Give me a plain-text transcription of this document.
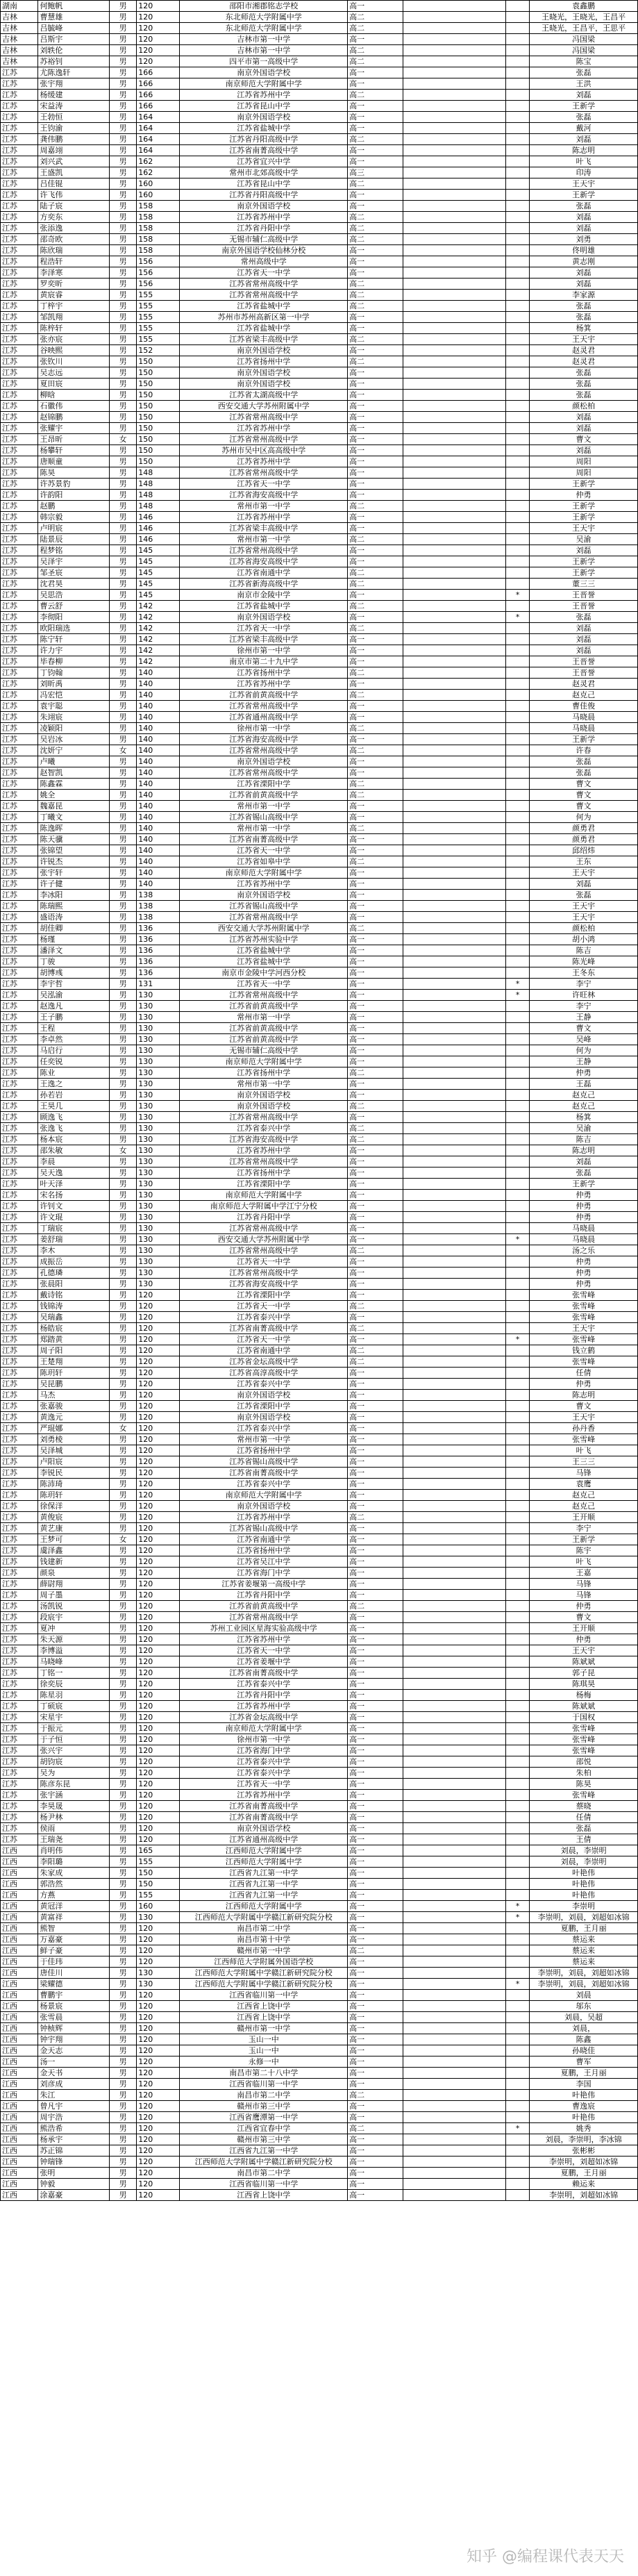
湖南	何鲍帆	男	120	邵阳市湘郡铭志学校	高一			袁鑫鹏
吉林	曹慧雄	男	120	东北师范大学附属中学	高二			王晓光，王晓光，王昌平
吉林	吕毓峰	男	120	东北师范大学附属中学	高二			王晓光，王昌平，王思平
吉林	吕斯宇	男	120	吉林市第一中学	高一			冯国梁
吉林	刘轶伦	男	120	吉林市第一中学	高二			冯国梁
吉林	苏裕钊	男	120	四平市第一高级中学	高二			陈宝
江苏	尤陈逸轩	男	166	南京外国语学校	高一			张磊
江苏	张宇翔	男	166	南京师范大学附属中学	高一			王洪
江苏	杨缓建	男	166	江苏省苏州中学	高二			刘磊
江苏	宋益涛	男	166	江苏省昆山中学	高一			王新学
江苏	王勃恒	男	164	南京外国语学校	高一			张磊
江苏	王钧渝	男	164	江苏省盐城中学	高一			戴河
江苏	龚伟鹏	男	164	江苏省丹阳高级中学	高二			刘磊
江苏	周嘉翊	男	164	江苏省南菁高级中学	高一			陈志明
江苏	刘兴武	男	162	江苏省宜兴中学	高一			叶飞
江苏	王盛凯	男	162	常州市北郊高级中学	高三			印涛
江苏	吕佳锟	男	160	江苏省昆山中学	高二			王天宇
江苏	许飞伟	男	160	江苏省丹阳高级中学	高一			王新学
江苏	陆子宸	男	158	南京外国语学校	高一			张磊
江苏	方奕东	男	158	江苏省苏州中学	高二			刘磊
江苏	张添逸	男	158	江苏省丹阳中学	高二			刘磊
江苏	邵奇欧	男	158	无锡市辅仁高级中学	高二			刘勇
江苏	陈欣瑞	男	158	南京外国语学校仙林分校	高一			佟明雄
江苏	程浩轩	男	156	常州高级中学	高一			黄志刚
江苏	李泽寒	男	156	江苏省天一中学	高一			刘磊
江苏	罗奕昕	男	156	江苏省常州高级中学	高二			刘磊
江苏	黄宸睿	男	155	江苏省常州高级中学	高二			李家源
江苏	丁梓宇	男	155	江苏省盐城中学	高二			张磊
江苏	邹凯翔	男	155	苏州市苏州高新区第一中学	高一			张磊
江苏	陈梓轩	男	155	江苏省盐城中学	高一			杨箕
江苏	张亦宸	男	155	江苏省梁丰高级中学	高二			王天宇
江苏	谷映熙	男	152	南京外国语学校	高一			赵灵君
江苏	张钦川	男	150	江苏省扬州中学	高二			赵灵君
江苏	吴志远	男	150	南京外国语学校	高一			张磊
江苏	夏田宸	男	150	南京外国语学校	高一			张磊
江苏	柳晗	男	150	江苏省太湖高级中学	高一			张磊
江苏	石徽伟	男	150	西安交通大学苏州附属中学	高一			颜松柏
江苏	赵锦鹏	男	150	江苏省常州高级中学	高一			刘磊
江苏	张耀宇	男	150	江苏省苏州中学	高一			刘磊
江苏	王昂昕	女	150	江苏省常州高级中学	高一			曹文
江苏	杨攀轩	男	150	苏州市吴中区高高级中学	高一			刘磊
江苏	唐顺童	男	150	江苏省苏州中学	高一			周阳
江苏	陈昊	男	148	江苏省常州高级中学	高一			周阳
江苏	许苏景豹	男	148	江苏省天一中学	高一			王新学
江苏	许韵阳	男	148	江苏省海安高级中学	高一			仲勇
江苏	赵鹏	男	148	常州市第一中学	高二			王新学
江苏	韩宗毅	男	146	江苏省苏州中学	高一			王新学
江苏	卢明宸	男	146	江苏省梁丰高级中学	高一			王天宇
江苏	陆景辰	男	146	常州市第一中学	高二			吴渝
江苏	程梦铭	男	145	江苏省常州高级中学	高一			刘磊
江苏	吴泽宇	男	145	江苏省海安高级中学	高一			王新学
江苏	邹圣宸	男	145	江苏省南通中学	高二			王新学
江苏	沈君昊	男	145	江苏省新海高级中学	高二			董三三
江苏	吴思浩	男	145	南京市金陵中学	高一		*	王晋誉
江苏	曹云舒	男	142	江苏省盐城中学	高二			王晋誉
江苏	李彻阳	男	142	南京外国语学校	高一		*	张磊
江苏	欧阳瑞选	男	142	江苏省天一中学	高二			刘磊
江苏	陈宁轩	男	142	江苏省梁丰高级中学	高一			刘磊
江苏	许力宇	男	142	徐州市第一中学	高一			刘磊
江苏	毕春柳	男	142	南京市第二十九中学	高一			王晋誉
江苏	丁钧翰	男	140	江苏省扬州中学	高二			王晋誉
江苏	刘昕禹	男	140	江苏省苏州中学	高一			赵灵君
江苏	冯宏恺	男	140	江苏省前黄高级中学	高二			赵克己
江苏	袁宇聪	男	140	江苏省常州高级中学	高一			曹佳俊
江苏	朱翊宸	男	140	江苏省通州高级中学	高一			马晓晨
江苏	凌颖阳	男	140	徐州市第一中学	高二			马晓晨
江苏	吴岩冰	男	140	江苏省海安高级中学	高一			王新学
江苏	沈妍宁	女	140	江苏省常州高级中学	高二			许春
江苏	卢曦	男	140	南京外国语学校	高一			张磊
江苏	赵智凯	男	140	江苏省常州高级中学	高一			张磊
江苏	陈鑫霖	男	140	江苏省溧阳中学	高二			曹文
江苏	姚全	男	140	江苏省前黄高级中学	高二			曹文
江苏	魏嘉昆	男	140	常州市第一中学	高一			曹文
江苏	丁曦文	男	140	江苏省锡山高级中学	高一			何为
江苏	陈逸晖	男	140	常州市第一中学	高二			颜勇君
江苏	陈天骥	男	140	江苏省南菁高级中学	高一			颜勇君
江苏	张锦望	男	140	江苏省天一中学	高一			邱绍炜
江苏	许锐杰	男	140	江苏省如皋中学	高二			王东
江苏	张宇轩	男	140	南京师范大学附属中学	高一			王天宇
江苏	许子健	男	140	江苏省苏州中学	高一			刘磊
江苏	李冰阳	男	138	南京外国语学校	高一			张磊
江苏	陈瑞熙	男	138	江苏省锡山高级中学	高一			王天宇
江苏	盛语涛	男	138	江苏省常州高级中学	高一			王天宇
江苏	胡佳卿	男	136	西安交通大学苏州附属中学	高二			颜松柏
江苏	杨瑾	男	136	江苏省苏州实验中学	高一			胡小鸿
江苏	潘泽文	男	136	江苏省盐城中学	高一			陈吉
江苏	丁骏	男	136	江苏省盐城中学	高一			陈光峰
江苏	胡博彧	男	136	南京市金陵中学河西分校	高一			王冬东
江苏	李宇哲	男	131	江苏省天一中学	高一		*	李宁
江苏	吴泓渝	男	130	江苏省常州高级中学	高一		*	许旺林
江苏	赵逸凡	男	130	江苏省前黄高级中学	高一			李宁
江苏	王子鹏	男	130	常州市第一中学	高一			王静
江苏	王程	男	130	江苏省前黄高级中学	高一			曹文
江苏	李卓然	男	130	江苏省前黄高级中学	高一			吴峰
江苏	马启行	男	130	无锡市辅仁高级中学	高一			何为
江苏	任奕锐	男	130	南京师范大学附属中学	高一			王静
江苏	陈业	男	130	江苏省扬州中学	高二			仲勇
江苏	王逸之	男	130	常州市第一中学	高一			王磊
江苏	孙若岩	男	130	南京外国语学校	高一			赵克己
江苏	王昊几	男	130	南京外国语学校	高二			赵克己
江苏	顾逸飞	男	130	江苏省常州高级中学	高一			杨箕
江苏	张逸飞	男	130	江苏省泰兴中学	高二			吴渝
江苏	杨本宸	男	130	江苏省海安高级中学	高二			陈吉
江苏	邵朱敏	女	130	江苏省苏州中学	高一			陈志明
江苏	李晨	男	130	江苏省常州高级中学	高一			刘磊
江苏	吴天逸	男	130	江苏省扬州中学	高一			张磊
江苏	叶天泽	男	130	江苏省溧阳中学	高一			王新学
江苏	宋名扬	男	130	南京师范大学附属中学	高一			仲勇
江苏	许钊文	男	130	南京师范大学附属中学江宁分校	高一			仲勇
江苏	许文琨	男	130	江苏省丹阳中学	高一			仲勇
江苏	丁瑞宸	男	130	江苏省常州高级中学	高一			马晓晨
江苏	姜舒瑞	男	130	西安交通大学苏州附属中学	高一		*	马晓晨
江苏	李木	男	130	江苏省常州高级中学	高二			汤之乐
江苏	成振岳	男	130	江苏省天一中学	高一			仲勇
江苏	孔德璘	男	130	江苏省常州高级中学	高一			仲勇
江苏	张晨阳	男	130	江苏省海安高级中学	高一			仲勇
江苏	戴诗铭	男	120	江苏省溧阳中学	高一			张雪峰
江苏	钱锦涛	男	120	江苏省天一中学	高二			张雪峰
江苏	吴瑞鑫	男	120	江苏省泰兴中学	高一			张雪峰
江苏	杨皓宸	男	120	江苏省南菁高级中学	高二			王天宇
江苏	郑踏黄	男	120	江苏省天一中学	高一		*	张雪峰
江苏	周子阳	男	120	江苏省南通中学	高二			钱立鹤
江苏	王楚翔	男	120	江苏省金坛高级中学	高二			张雪峰
江苏	陈玥轩	男	120	江苏省高淳高级中学	高一			任倩
江苏	吴昆鹏	男	120	江苏省泰兴中学	高一			仲勇
江苏	马杰	男	120	南京外国语学校	高一			陈志明
江苏	张嘉骏	男	120	江苏省溧阳中学	高一			曹文
江苏	黄逸元	男	120	南京外国语学校	高一			王天宇
江苏	严琨娜	女	120	江苏省泰兴中学	高一			孙丹香
江苏	刘勇棱	男	120	常州市第一中学	高一			张雪峰
江苏	吴泽城	男	120	江苏省扬州中学	高一			叶飞
江苏	卢阳宸	男	120	江苏省锡山高级中学	高一			王三三
江苏	李锐民	男	120	江苏省南菁高级中学	高一			马锋
江苏	陈沛琦	男	120	江苏省泰兴中学	高一			袁鹰
江苏	陈玥轩	男	120	南京师范大学附属中学	高一			赵克己
江苏	徐保洋	男	120	南京外国语学校	高一			赵克己
江苏	黄俊宸	男	120	江苏省苏州中学	高二			王开顺
江苏	黄艺康	男	120	江苏省锡山高级中学	高一			李宁
江苏	王梦可	女	120	江苏省南通中学	高一			王新学
江苏	虞泽鑫	男	120	江苏省扬州中学	高一			陈宇
江苏	钱建新	男	120	江苏省吴江中学	高一			叶飞
江苏	颜泉	男	120	江苏省海门中学	高一			王嘉
江苏	薛尉翔	男	120	江苏省姜堰第一高级中学	高一			马锋
江苏	周子墨	男	120	江苏省丹阳中学	高一			马锋
江苏	汤凯锐	男	120	江苏省前黄高级中学	高二			仲勇
江苏	段宸宇	男	120	江苏省常州高级中学	高一			曹文
江苏	夏冲	男	120	苏州工业园区星海实验高级中学	高一			王开顺
江苏	朱天源	男	120	江苏省苏州中学	高一			仲勇
江苏	李博溢	男	120	江苏省天一中学	高一			王天宇
江苏	马晓峰	男	120	江苏省姜堰中学	高一			陈斌斌
江苏	丁铭一	男	120	江苏省南菁高级中学	高一			郭子昆
江苏	徐奕辰	男	120	江苏省泰兴中学	高一			陈琪昊
江苏	陈星羽	男	120	江苏省丹阳中学	高一			杨梅
江苏	丁硕宸	男	120	江苏省苏州中学	高一			陈斌斌
江苏	宋星宇	男	120	江苏省金坛高级中学	高一			于国权
江苏	于振元	男	120	南京师范大学附属中学	高一			张雪峰
江苏	于子恒	男	120	徐州市第一中学	高一			张雪峰
江苏	张兴宇	男	120	江苏省海门中学	高一			张雪峰
江苏	胡钧宸	男	120	江苏省泰兴中学	高一			邵悦
江苏	吴为	男	120	江苏省泰兴中学	高一			朱柏
江苏	陈彦东昆	男	120	江苏省天一中学	高一			陈昊
江苏	张宇涵	男	120	江苏省苏州中学	高一			张雪峰
江苏	李昊晟	男	120	江苏省南菁高级中学	高一			蔡晓
江苏	杨尹林	男	120	江苏省南菁高级中学	高一			任倩
江苏	侯雨	男	120	南京外国语学校	高一			张磊
江苏	王瑞尧	男	120	江苏省通州高级中学	高一			王倩
江西	肖明伟	男	165	江西师范大学附属中学	高一			刘晨，李崇明
江西	李阳璐	男	155	江西师范大学附属中学	高一			刘晨，李崇明
江西	朱家成	男	150	江西省九江第一中学	高一			叶艳伟
江西	郭浩然	男	150	江西省九江第一中学	高一			叶艳伟
江西	方燕	男	155	江西省九江第一中学	高一			叶艳伟
江西	黄冠洋	男	160	江西师范大学附属中学	高一		*	李崇明
江西	黄富祥	男	130	江西师范大学附属中学赣江新研究院分校	高一		*	李崇明，刘晨，刘超如冰锦
江西	熊智	男	120	南昌市第二中学	高一			夏鹏，王月丽
江西	万嘉豪	男	120	南昌市第十中学	高一			蔡运来
江西	鲜子豪	男	120	赣州市第一中学	高二			蔡运来
江西	于佳玮	男	120	江西师范大学附属外国语学校	高一			蔡运来
江西	唐佳川	男	130	江西师范大学附属中学赣江新研究院分校	高一			李崇明，刘晨，刘超如冰锦
江西	梁耀德	男	130	江西师范大学附属中学赣江新研究院分校	高一		*	李崇明，刘晨，刘超如冰锦
江西	曹鹏宇	男	120	江西省临川第一中学	高一			刘晨
江西	杨景宸	男	120	江西省上饶中学	高一			邬东
江西	张雪晨	男	120	江西省上饶中学	高一			刘晨，吴超
江西	钟桢辉	男	120	赣州市第一中学	高一			刘晨，
江西	钟宇翔	男	120	玉山一中	高一			陈鑫
江西	金天志	男	120	玉山一中	高一			孙晓佳
江西	汤一	男	120	永修一中	高一			曹军
江西	金天书	男	120	南昌市第二十八中学	高一			夏鹏，王月丽
江西	刘彦成	男	120	江西省临川第一中学	高一			李国
江西	朱江	男	120	南昌市第二中学	高二			叶艳伟
江西	曾凡宇	男	120	赣州市第三中学	高一			曹逸宸
江西	周宇浩	男	120	江西省鹰潭第一中学	高一			叶艳伟
江西	熊浩希	男	120	江西省宜春中学	高二		*	姚秀
江西	杨承宇	男	120	赣州市第三中学	高一			刘晨，李崇明，李冰锦
江西	苏正锦	男	120	江西省九江第一中学	高一			张彬彬
江西	钟瑞锋	男	120	江西师范大学附属中学赣江新研究院分校	高一			李崇明，刘超如冰锦
江西	张明	男	120	南昌市第二中学	高一			夏鹏，王月丽
江西	钟毅	男	120	江西省临川第一中学	高一			赖运来
江西	涂嘉豪	男	120	江西省上饶中学	高一			李崇明，刘超如冰锦
知乎 @编程课代表天天
